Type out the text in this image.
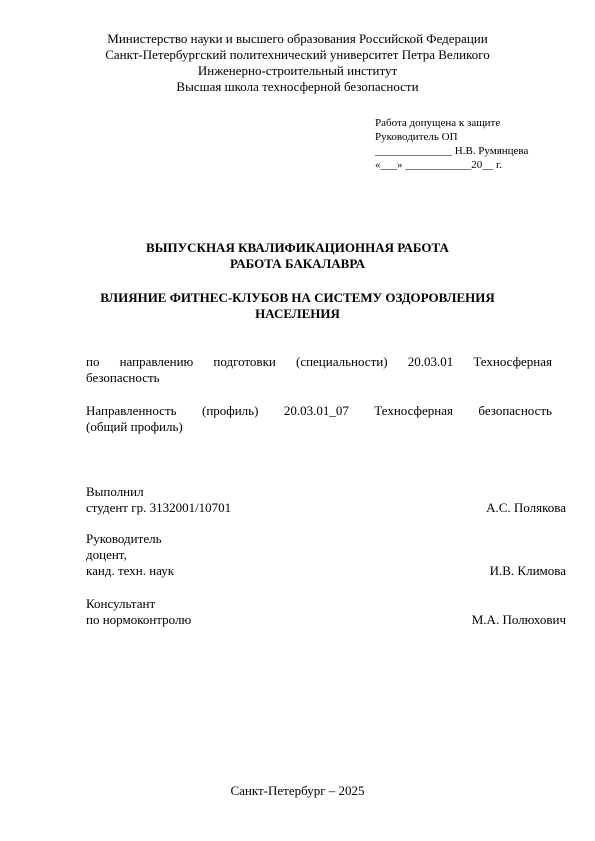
Министерство науки и высшего образования Российской Федерации
Санкт-Петербургский политехнический университет Петра Великого
Инженерно-строительный институт
Высшая школа техносферной безопасности
Работа допущена к защите
Руководитель ОП
______________ Н.В. Румянцева
«___» ____________20__ г.
ВЫПУСКНАЯ КВАЛИФИКАЦИОННАЯ РАБОТА
РАБОТА БАКАЛАВРА
ВЛИЯНИЕ ФИТНЕС-КЛУБОВ НА СИСТЕМУ ОЗДОРОВЛЕНИЯ
НАСЕЛЕНИЯ
по направлению подготовки (специальности) 20.03.01 Техносферная
безопасность
Направленность (профиль) 20.03.01_07 Техносферная безопасность
(общий профиль)
Выполнил
студент гр. 3132001/10701	А.С. Полякова
Руководитель
доцент,
канд. техн. наук	И.В. Климова
Консультант
по нормоконтролю	М.А. Полюхович
Санкт-Петербург – 2025
